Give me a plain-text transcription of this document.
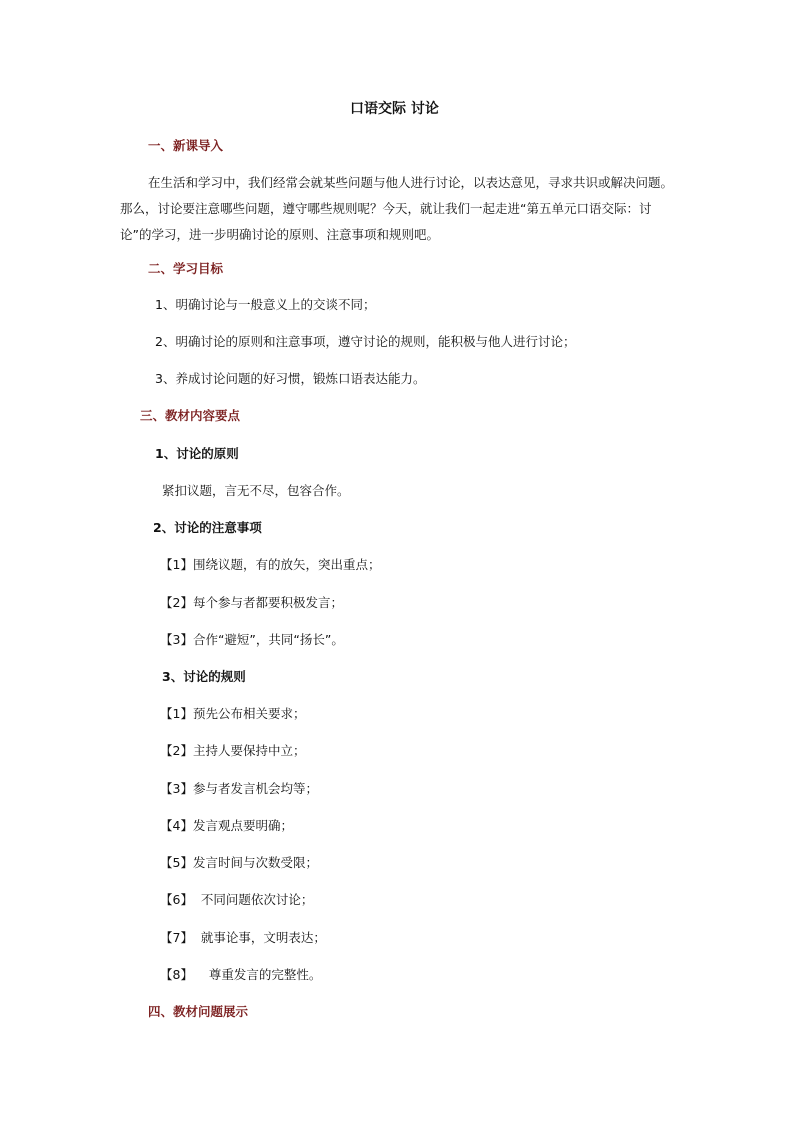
口语交际 讨论
一、新课导入
在生活和学习中，我们经常会就某些问题与他人进行讨论，以表达意见，寻求共识或解决问题。那么，讨论要注意哪些问题，遵守哪些规则呢？今天，就让我们一起走进“第五单元口语交际：讨论”的学习，进一步明确讨论的原则、注意事项和规则吧。
二、学习目标
1、明确讨论与一般意义上的交谈不同；
2、明确讨论的原则和注意事项，遵守讨论的规则，能积极与他人进行讨论；
3、养成讨论问题的好习惯，锻炼口语表达能力。
三、教材内容要点
1、讨论的原则
紧扣议题，言无不尽，包容合作。
2、讨论的注意事项
【1】围绕议题，有的放矢，突出重点；
【2】每个参与者都要积极发言；
【3】合作“避短”，共同“扬长”。
3、讨论的规则
【1】预先公布相关要求；
【2】主持人要保持中立；
【3】参与者发言机会均等；
【4】发言观点要明确；
【5】发言时间与次数受限；
【6】  不同问题依次讨论；
【7】  就事论事，文明表达；
【8】    尊重发言的完整性。
四、教材问题展示
